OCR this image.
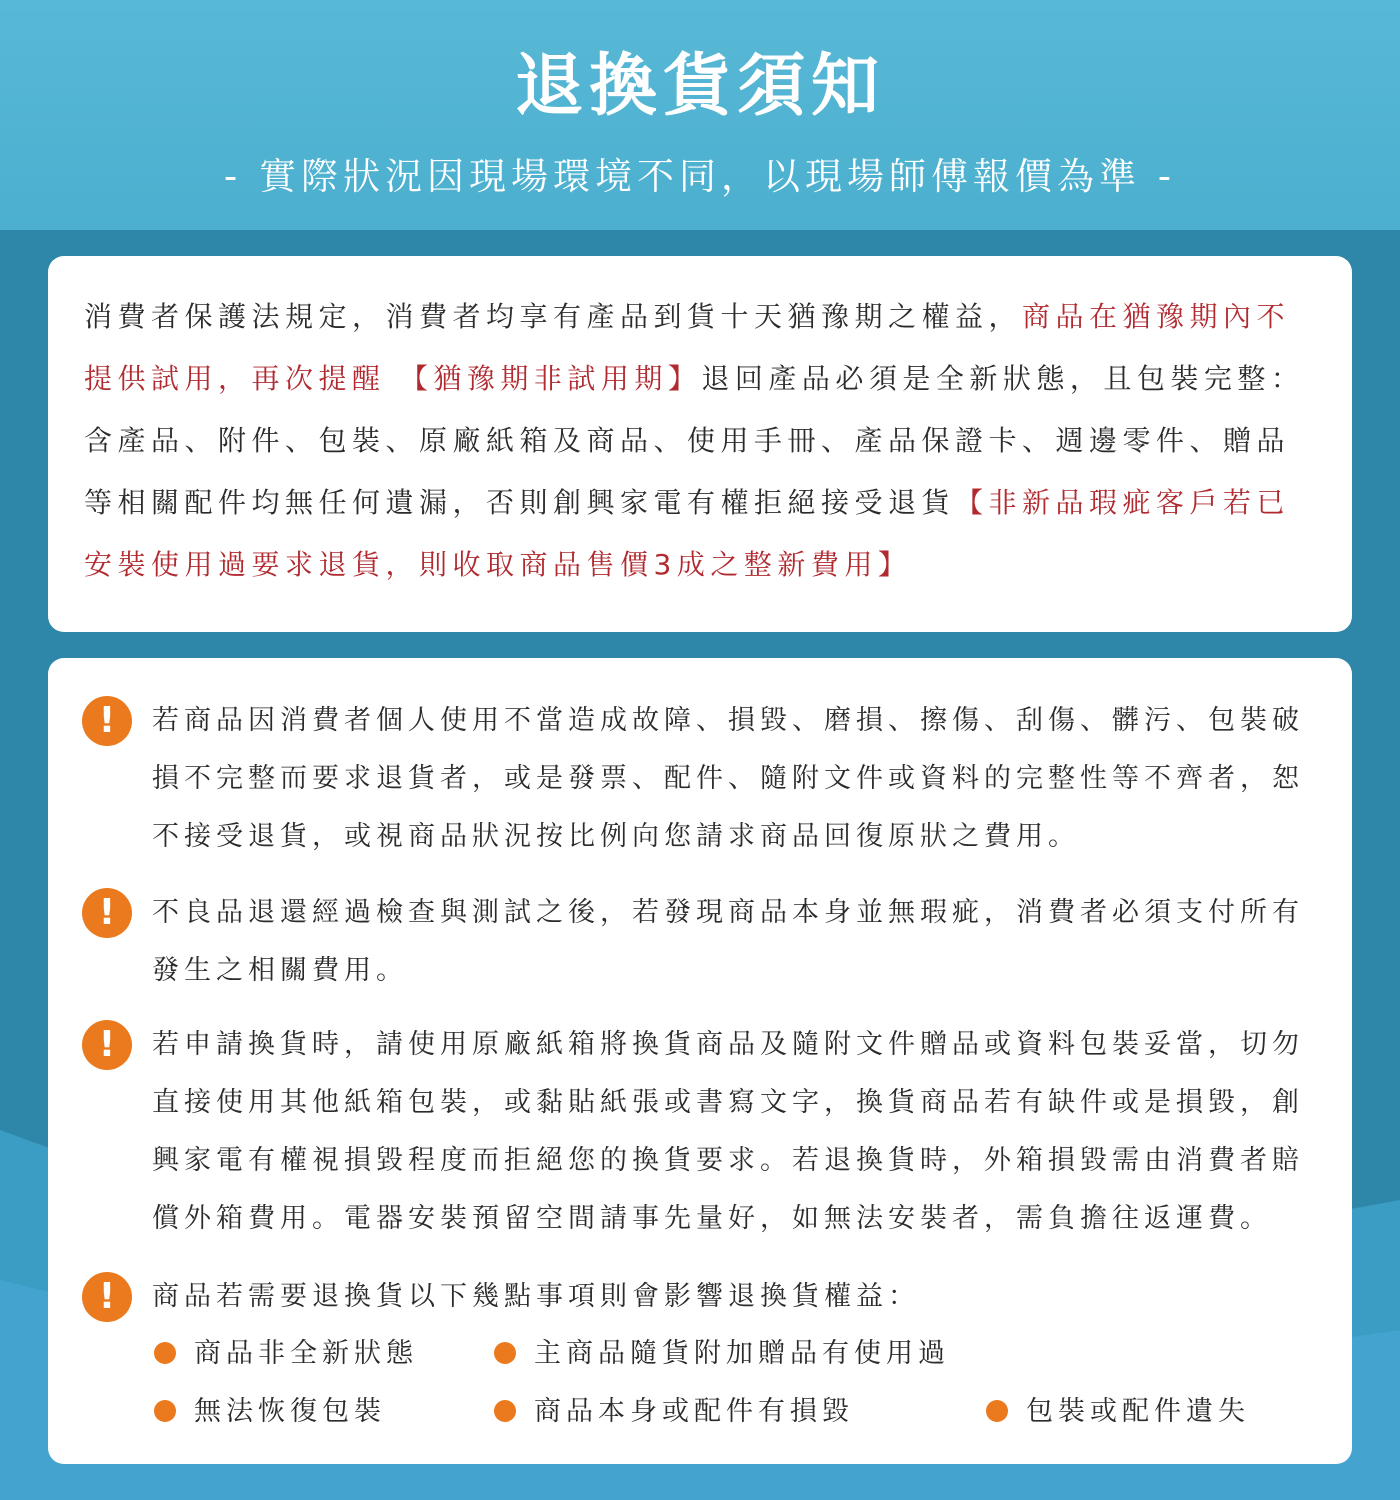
退換貨須知
- 實際狀況因現場環境不同，以現場師傅報價為準 -

消費者保護法規定，消費者均享有產品到貨十天猶豫期之權益，商品在猶豫期內不提供試用，再次提醒 【猶豫期非試用期】退回產品必須是全新狀態，且包裝完整：含產品、附件、包裝、原廠紙箱及商品、使用手冊、產品保證卡、週邊零件、贈品等相關配件均無任何遺漏，否則創興家電有權拒絕接受退貨【非新品瑕疵客戶若已安裝使用過要求退貨，則收取商品售價3成之整新費用】

!	若商品因消費者個人使用不當造成故障、損毀、磨損、擦傷、刮傷、髒污、包裝破損不完整而要求退貨者，或是發票、配件、隨附文件或資料的完整性等不齊者，恕不接受退貨，或視商品狀況按比例向您請求商品回復原狀之費用。

!	不良品退還經過檢查與測試之後，若發現商品本身並無瑕疵，消費者必須支付所有發生之相關費用。

!	若申請換貨時，請使用原廠紙箱將換貨商品及隨附文件贈品或資料包裝妥當，切勿直接使用其他紙箱包裝，或黏貼紙張或書寫文字，換貨商品若有缺件或是損毀，創興家電有權視損毀程度而拒絕您的換貨要求。若退換貨時，外箱損毀需由消費者賠償外箱費用。電器安裝預留空間請事先量好，如無法安裝者，需負擔往返運費。

!	商品若需要退換貨以下幾點事項則會影響退換貨權益：

商品非全新狀態	主商品隨貨附加贈品有使用過
無法恢復包裝	商品本身或配件有損毀	包裝或配件遺失
